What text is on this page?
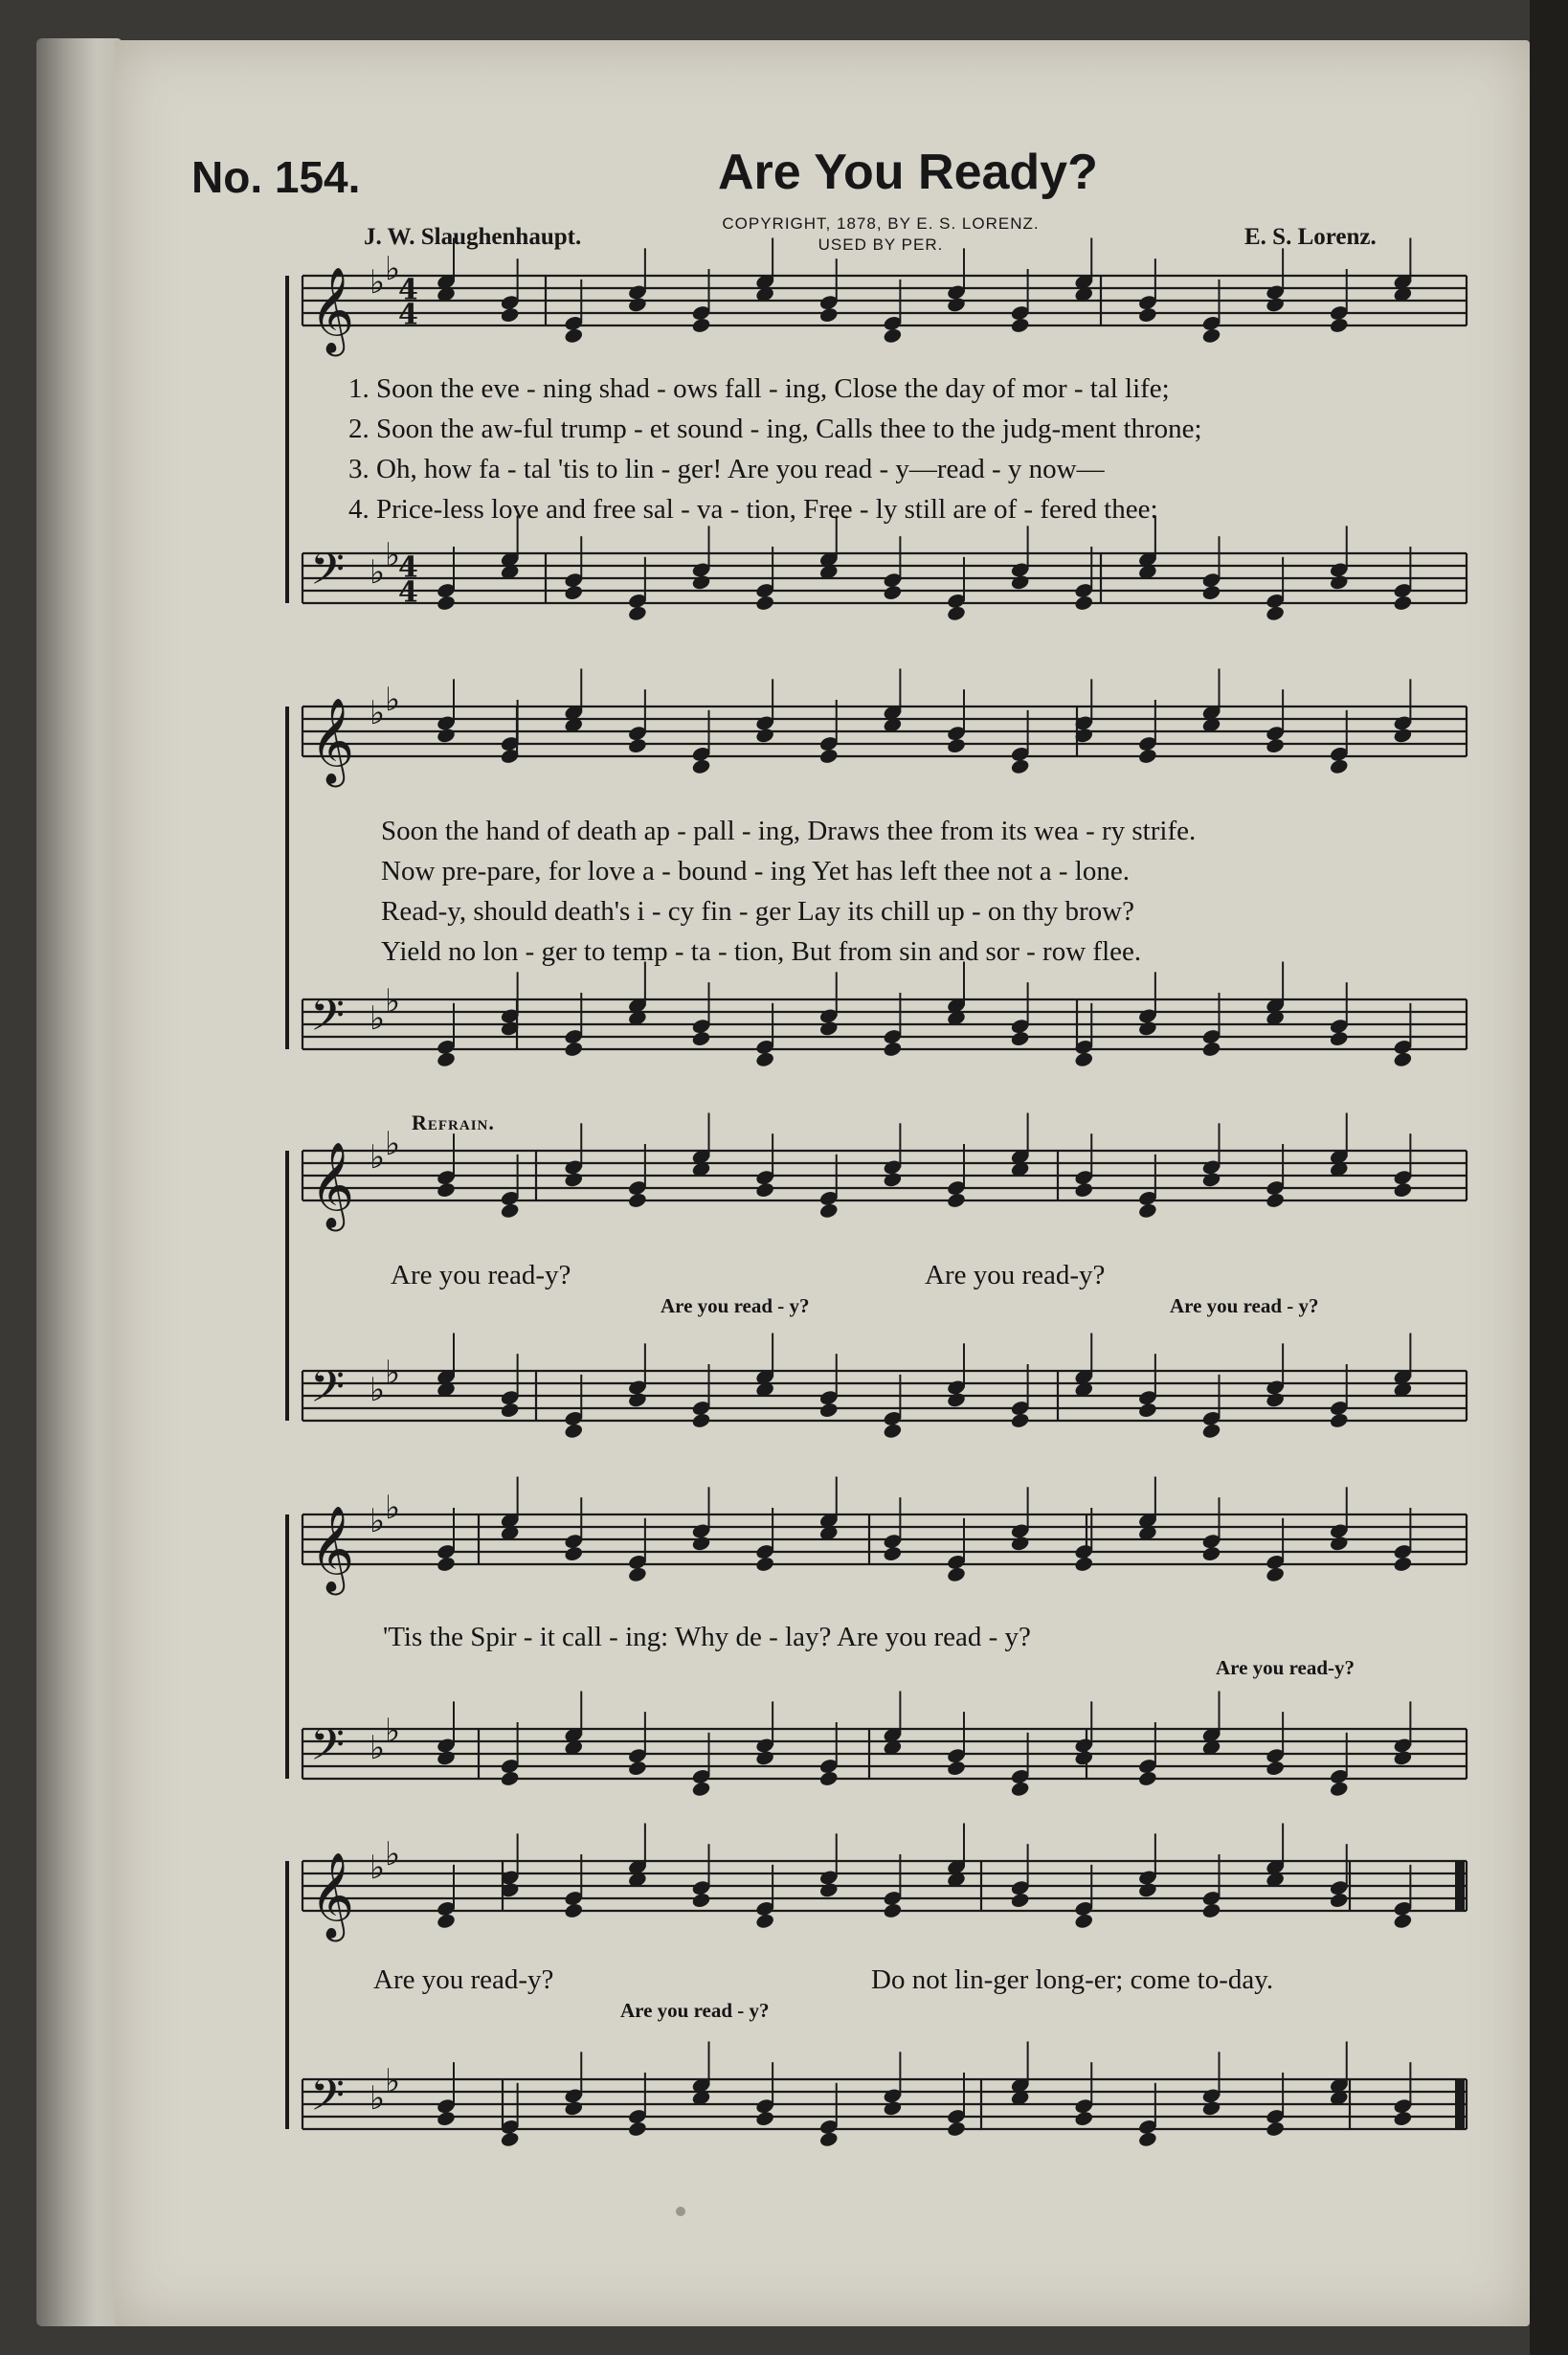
No. 154.	Are You Ready?
COPYRIGHT, 1878, BY E. S. LORENZ.
USED BY PER.
J. W. Slaughenhaupt.	E. S. Lorenz.
𝄞 ♭ ♭
4
4
𝄢 ♭ ♭
4
4
𝄞 ♭ ♭
𝄢 ♭ ♭
𝄞 ♭ ♭
𝄢 ♭ ♭
𝄞 ♭ ♭
𝄢 ♭ ♭
𝄞 ♭ ♭
𝄢 ♭ ♭
1. Soon the eve - ning shad - ows fall - ing, Close the day of mor - tal life;
2. Soon the aw-ful trump - et sound - ing, Calls thee to the judg-ment throne;
3. Oh, how fa - tal 'tis to lin - ger! Are you read - y—read - y now—
4. Price-less love and free sal - va - tion, Free - ly still are of - fered thee:
Soon the hand of death ap - pall - ing, Draws thee from its wea - ry strife.
Now pre-pare, for love a - bound - ing Yet has left thee not a - lone.
Read-y, should death's i - cy fin - ger Lay its chill up - on thy brow?
Yield no lon - ger to temp - ta - tion, But from sin and sor - row flee.
Refrain.
Are you read-y?
Are you read - y?
Are you read-y?
Are you read - y?
'Tis the Spir - it call - ing: Why de - lay? Are you read - y?
Are you read-y?
Are you read-y?	Do not lin-ger long-er; come to-day.
Are you read - y?
